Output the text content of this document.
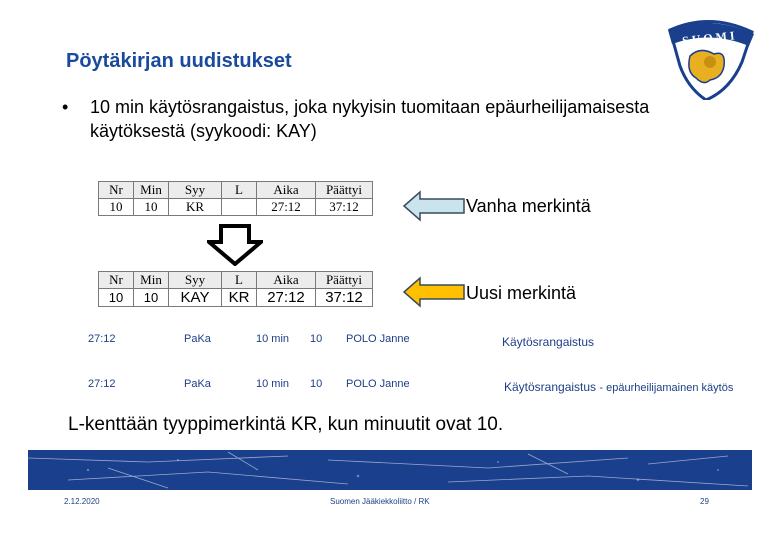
Pöytäkirjan uudistukset
S U O M I
• 10 min käytösrangaistus, joka nykyisin tuomitaan epäurheilijamaisesta käytöksestä (syykoodi: KAY)
Nr	Min	Syy	L	Aika	Päättyi
10	10	KR		27:12	37:12
Nr	Min	Syy	L	Aika	Päättyi
10	10	KAY	KR	27:12	37:12
Vanha merkintä
Uusi merkintä
27:12	PaKa	10 min 10 POLO Janne	Käytösrangaistus
27:12	PaKa	10 min 10 POLO Janne	Käytösrangaistus - epäurheilijamainen käytös
L-kenttään tyyppimerkintä KR, kun minuutit ovat 10.
2.12.2020	Suomen Jääkiekkoliitto / RK	29
